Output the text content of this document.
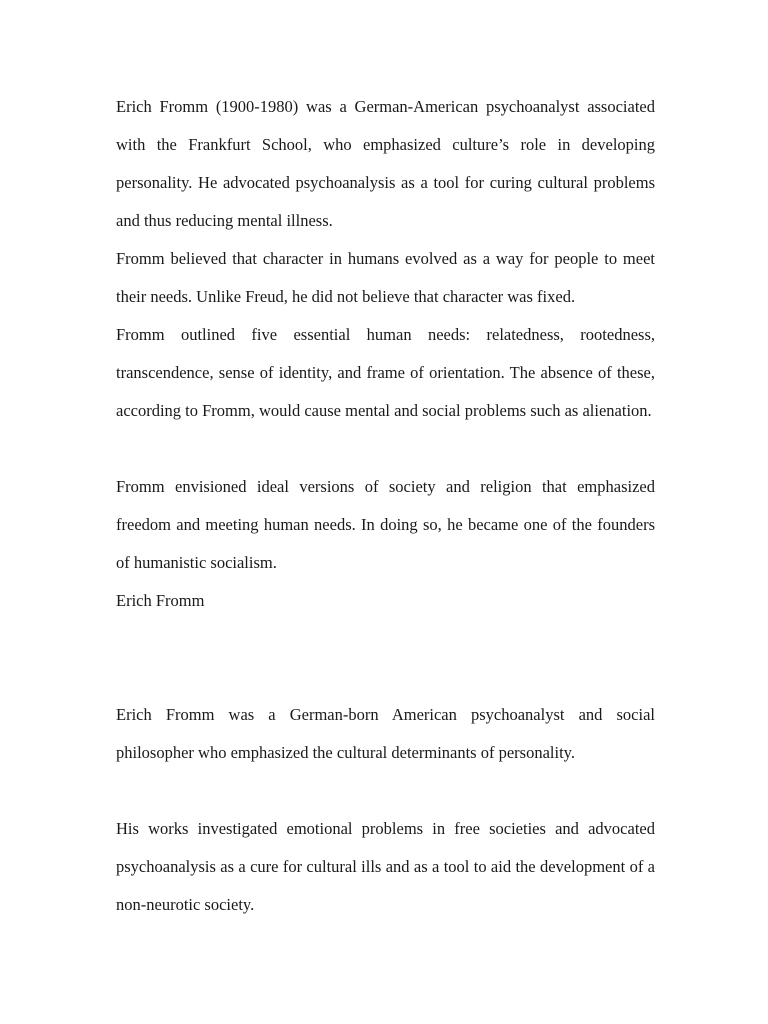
Erich Fromm (1900-1980) was a German-American psychoanalyst associated with the Frankfurt School, who emphasized culture’s role in developing personality. He advocated psychoanalysis as a tool for curing cultural problems and thus reducing mental illness.

Fromm believed that character in humans evolved as a way for people to meet their needs. Unlike Freud, he did not believe that character was fixed.

Fromm outlined five essential human needs: relatedness, rootedness, transcendence, sense of identity, and frame of orientation. The absence of these, according to Fromm, would cause mental and social problems such as alienation.

Fromm envisioned ideal versions of society and religion that emphasized freedom and meeting human needs. In doing so, he became one of the founders of humanistic socialism.

Erich Fromm

Erich Fromm was a German-born American psychoanalyst and social philosopher who emphasized the cultural determinants of personality.

His works investigated emotional problems in free societies and advocated psychoanalysis as a cure for cultural ills and as a tool to aid the development of a non-neurotic society.
